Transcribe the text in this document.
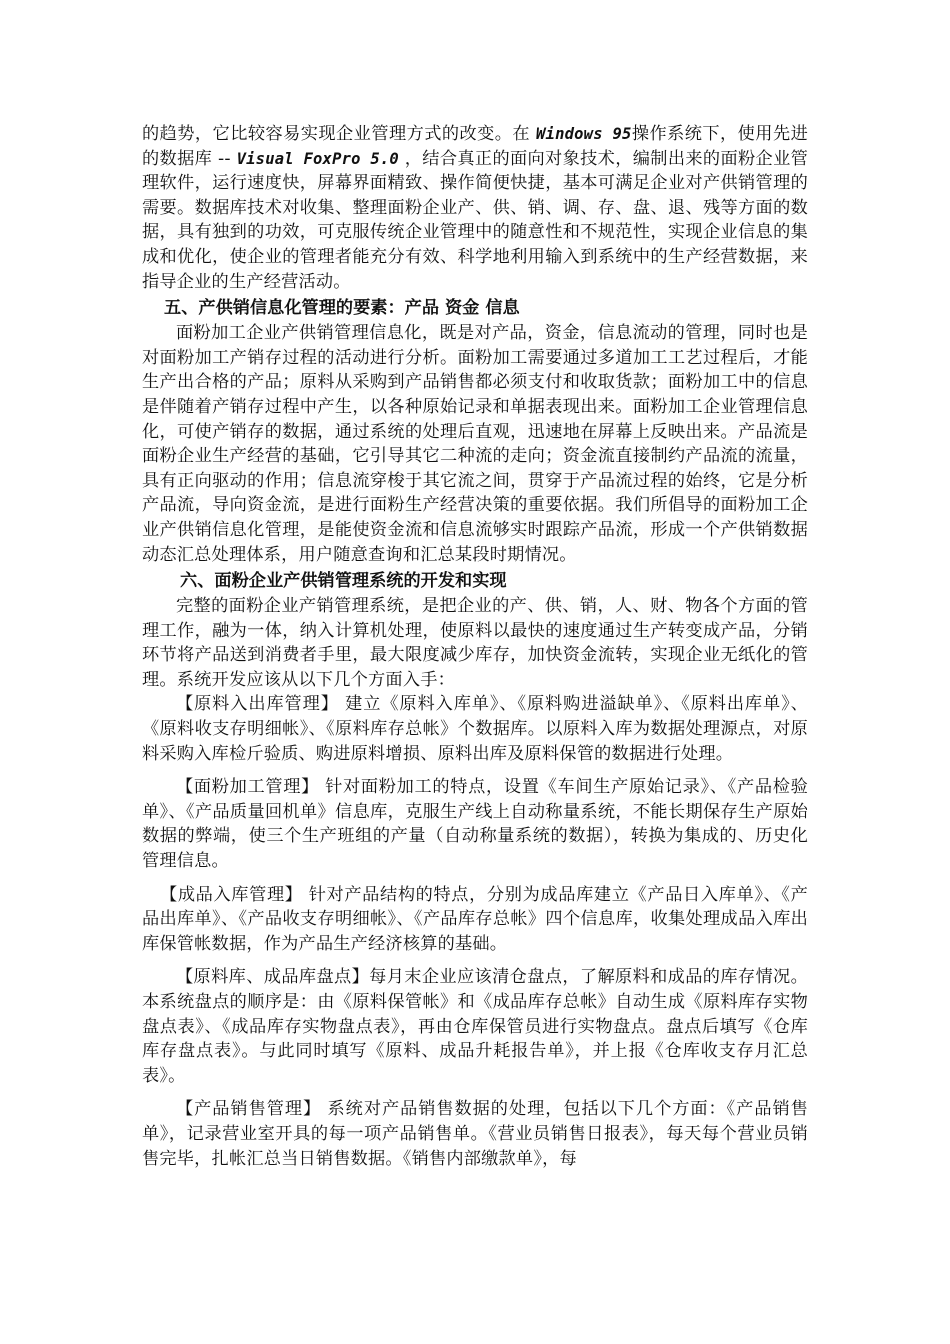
的趋势，它比较容易实现企业管理方式的改变。在 Windows 95操作系统下，使用先进的数据库 -- Visual FoxPro 5.0 ，结合真正的面向对象技术，编制出来的面粉企业管理软件，运行速度快，屏幕界面精致、操作简便快捷，基本可满足企业对产供销管理的需要。数据库技术对收集、整理面粉企业产、供、销、调、存、盘、退、残等方面的数据，具有独到的功效，可克服传统企业管理中的随意性和不规范性，实现企业信息的集成和优化，使企业的管理者能充分有效、科学地利用输入到系统中的生产经营数据，来指导企业的生产经营活动。

五、产供销信息化管理的要素：产品 资金 信息

面粉加工企业产供销管理信息化，既是对产品，资金，信息流动的管理，同时也是对面粉加工产销存过程的活动进行分析。面粉加工需要通过多道加工工艺过程后，才能生产出合格的产品；原料从采购到产品销售都必须支付和收取货款；面粉加工中的信息是伴随着产销存过程中产生，以各种原始记录和单据表现出来。面粉加工企业管理信息化，可使产销存的数据，通过系统的处理后直观，迅速地在屏幕上反映出来。产品流是面粉企业生产经营的基础，它引导其它二种流的走向；资金流直接制约产品流的流量，具有正向驱动的作用；信息流穿梭于其它流之间，贯穿于产品流过程的始终，它是分析产品流，导向资金流，是进行面粉生产经营决策的重要依据。我们所倡导的面粉加工企业产供销信息化管理，是能使资金流和信息流够实时跟踪产品流，形成一个产供销数据动态汇总处理体系，用户随意查询和汇总某段时期情况。

六、面粉企业产供销管理系统的开发和实现

完整的面粉企业产销管理系统，是把企业的产、供、销，人、财、物各个方面的管理工作，融为一体，纳入计算机处理，使原料以最快的速度通过生产转变成产品，分销环节将产品送到消费者手里，最大限度减少库存，加快资金流转，实现企业无纸化的管理。系统开发应该从以下几个方面入手：

【原料入出库管理】 建立《原料入库单》、《原料购进溢缺单》、《原料出库单》、《原料收支存明细帐》、《原料库存总帐》个数据库。以原料入库为数据处理源点，对原料采购入库检斤验质、购进原料增损、原料出库及原料保管的数据进行处理。

【面粉加工管理】 针对面粉加工的特点，设置《车间生产原始记录》、《产品检验单》、《产品质量回机单》信息库，克服生产线上自动称量系统，不能长期保存生产原始数据的弊端，使三个生产班组的产量（自动称量系统的数据），转换为集成的、历史化管理信息。

【成品入库管理】 针对产品结构的特点，分别为成品库建立《产品日入库单》、《产品出库单》、《产品收支存明细帐》、《产品库存总帐》四个信息库，收集处理成品入库出库保管帐数据，作为产品生产经济核算的基础。

【原料库、成品库盘点】每月末企业应该清仓盘点，了解原料和成品的库存情况。本系统盘点的顺序是：由《原料保管帐》和《成品库存总帐》自动生成《原料库存实物盘点表》、《成品库存实物盘点表》，再由仓库保管员进行实物盘点。盘点后填写《仓库库存盘点表》。与此同时填写《原料、成品升耗报告单》，并上报《仓库收支存月汇总表》。

【产品销售管理】 系统对产品销售数据的处理，包括以下几个方面：《产品销售单》，记录营业室开具的每一项产品销售单。《营业员销售日报表》，每天每个营业员销售完毕，扎帐汇总当日销售数据。《销售内部缴款单》，每
